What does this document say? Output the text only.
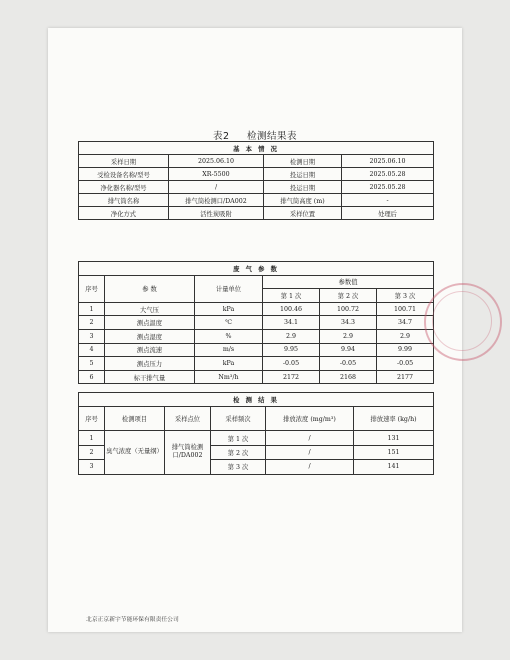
表2 检测结果表
基 本 情 况			
采样日期	2025.06.10	检测日期	2025.06.10
受检设备名称/型号	XR-5500	投运日期	2025.05.28
净化器名称/型号	/	投运日期	2025.05.28
排气筒名称	排气筒检测口/DA002	排气筒高度 (m)	-
净化方式	活性炭吸附	采样位置	处理后
废 气 参 数					
序号	参 数	计量单位	参数值		
			第 1 次	第 2 次	第 3 次
1	大气压	kPa	100.46	100.72	100.71
2	测点温度	℃	34.1	34.3	34.7
3	测点湿度	%	2.9	2.9	2.9
4	测点流速	m/s	9.95	9.94	9.99
5	测点压力	kPa	-0.05	-0.05	-0.05
6	标干排气量	Nm³/h	2172	2168	2177
检 测 结 果					
序号	检测项目	采样点位	采样频次	排放浓度 (mg/m³)	排放速率 (kg/h)
1	臭气浓度（无量纲）	排气筒检测口/DA002	第 1 次	/	131
2			第 2 次	/	151
3			第 3 次	/	141
北京正京新宇节能环保有限责任公司
